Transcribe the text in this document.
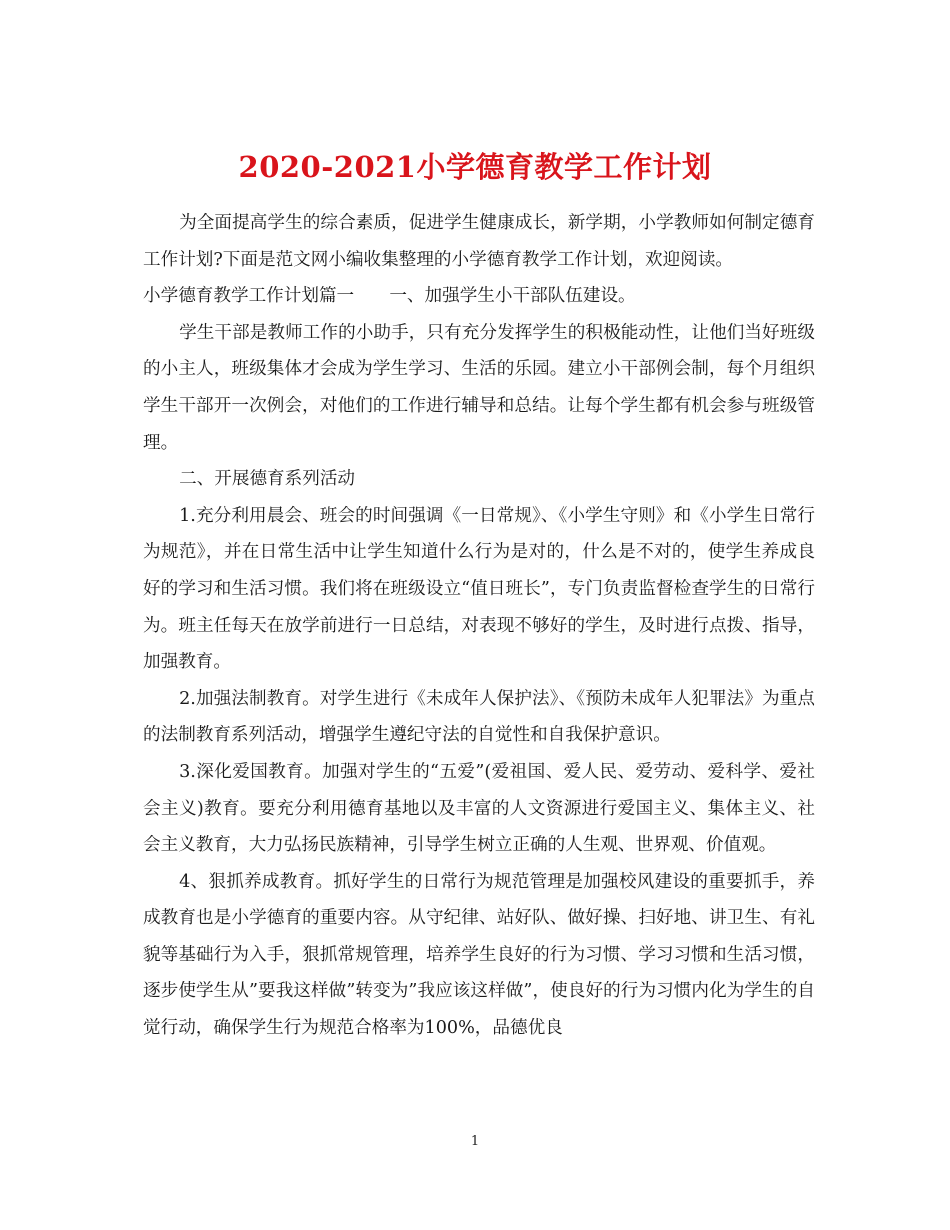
2020-2021小学德育教学工作计划

为全面提高学生的综合素质，促进学生健康成长，新学期，小学教师如何制定德育工作计划?下面是范文网小编收集整理的小学德育教学工作计划，欢迎阅读。

小学德育教学工作计划篇一　　一、加强学生小干部队伍建设。

学生干部是教师工作的小助手，只有充分发挥学生的积极能动性，让他们当好班级的小主人，班级集体才会成为学生学习、生活的乐园。建立小干部例会制，每个月组织学生干部开一次例会，对他们的工作进行辅导和总结。让每个学生都有机会参与班级管理。

二、开展德育系列活动

1.充分利用晨会、班会的时间强调《一日常规》、《小学生守则》和《小学生日常行为规范》，并在日常生活中让学生知道什么行为是对的，什么是不对的，使学生养成良好的学习和生活习惯。我们将在班级设立“值日班长”，专门负责监督检查学生的日常行为。班主任每天在放学前进行一日总结，对表现不够好的学生，及时进行点拨、指导，加强教育。

2.加强法制教育。对学生进行《未成年人保护法》、《预防未成年人犯罪法》为重点的法制教育系列活动，增强学生遵纪守法的自觉性和自我保护意识。

3.深化爱国教育。加强对学生的“五爱”(爱祖国、爱人民、爱劳动、爱科学、爱社会主义)教育。要充分利用德育基地以及丰富的人文资源进行爱国主义、集体主义、社会主义教育，大力弘扬民族精神，引导学生树立正确的人生观、世界观、价值观。

4、狠抓养成教育。抓好学生的日常行为规范管理是加强校风建设的重要抓手，养成教育也是小学德育的重要内容。从守纪律、站好队、做好操、扫好地、讲卫生、有礼貌等基础行为入手，狠抓常规管理，培养学生良好的行为习惯、学习习惯和生活习惯，逐步使学生从”要我这样做”转变为”我应该这样做”，使良好的行为习惯内化为学生的自觉行动，确保学生行为规范合格率为100%，品德优良

1
